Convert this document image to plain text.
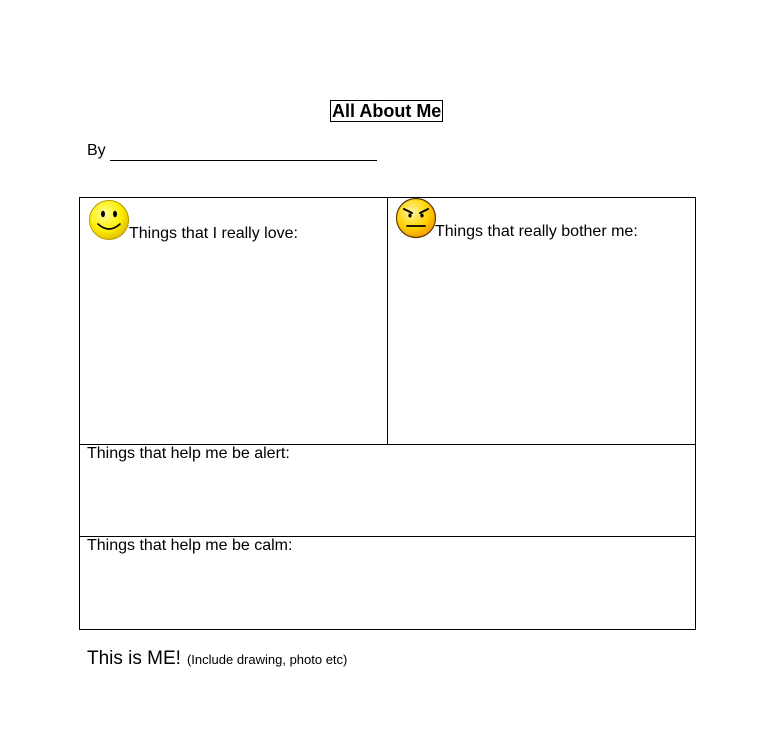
All About Me
By
Things that I really love:	Things that really bother me:
Things that help me be alert:
Things that help me be calm:
This is ME! (Include drawing, photo etc)
